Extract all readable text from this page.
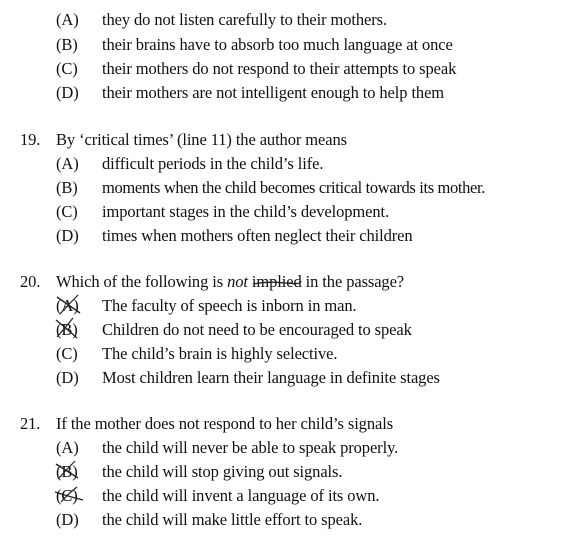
(A) they do not listen carefully to their mothers.
(B) their brains have to absorb too much language at once
(C) their mothers do not respond to their attempts to speak
(D) their mothers are not intelligent enough to help them
19. By ‘critical times’ (line 11) the author means
(A) difficult periods in the child’s life.
(B) moments when the child becomes critical towards its mother.
(C) important stages in the child’s development.
(D) times when mothers often neglect their children
20. Which of the following is not implied
in the passage?
(A) The faculty of speech is inborn in man.
(B) Children do not need to be encouraged to speak
(C) The child’s brain is highly selective.
(D) Most children learn their language in definite stages
21. If the mother does not respond to her child’s signals
(A) the child will never be able to speak properly.
(B) the child will stop giving out signals.
(C) the child will invent a language of its own.
(D) the child will make little effort to speak.
